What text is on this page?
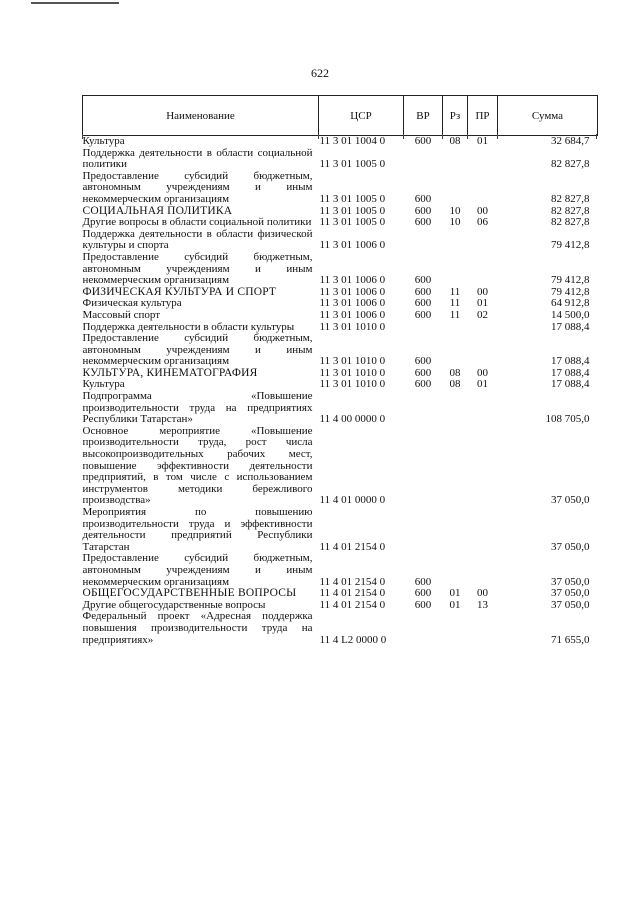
622
Наименование	ЦСР	ВР	Рз	ПР	Сумма
Культура	11 3 01 1004 0	600	08	01	32 684,7
Поддержка деятельности в области социальной политики	11 3 01 1005 0				82 827,8
Предоставление субсидий бюджетным, автономным учреждениям и иным некоммерческим организациям	11 3 01 1005 0	600			82 827,8
СОЦИАЛЬНАЯ ПОЛИТИКА	11 3 01 1005 0	600	10	00	82 827,8
Другие вопросы в области социальной политики	11 3 01 1005 0	600	10	06	82 827,8
Поддержка деятельности в области физической культуры и спорта	11 3 01 1006 0				79 412,8
Предоставление субсидий бюджетным, автономным учреждениям и иным некоммерческим организациям	11 3 01 1006 0	600			79 412,8
ФИЗИЧЕСКАЯ КУЛЬТУРА И СПОРТ	11 3 01 1006 0	600	11	00	79 412,8
Физическая культура	11 3 01 1006 0	600	11	01	64 912,8
Массовый спорт	11 3 01 1006 0	600	11	02	14 500,0
Поддержка деятельности в области культуры	11 3 01 1010 0				17 088,4
Предоставление субсидий бюджетным, автономным учреждениям и иным некоммерческим организациям	11 3 01 1010 0	600			17 088,4
КУЛЬТУРА, КИНЕМАТОГРАФИЯ	11 3 01 1010 0	600	08	00	17 088,4
Культура	11 3 01 1010 0	600	08	01	17 088,4
Подпрограмма «Повышение производительности труда на предприятиях Республики Татарстан»	11 4 00 0000 0				108 705,0
Основное мероприятие «Повышение производительности труда, рост числа высокопроизводительных рабочих мест, повышение эффективности деятельности предприятий, в том числе с использованием инструментов методики бережливого производства»	11 4 01 0000 0				37 050,0
Мероприятия по повышению производительности труда и эффективности деятельности предприятий Республики Татарстан	11 4 01 2154 0				37 050,0
Предоставление субсидий бюджетным, автономным учреждениям и иным некоммерческим организациям	11 4 01 2154 0	600			37 050,0
ОБЩЕГОСУДАРСТВЕННЫЕ ВОПРОСЫ	11 4 01 2154 0	600	01	00	37 050,0
Другие общегосударственные вопросы	11 4 01 2154 0	600	01	13	37 050,0
Федеральный проект «Адресная поддержка повышения производительности труда на предприятиях»	11 4 L2 0000 0				71 655,0
